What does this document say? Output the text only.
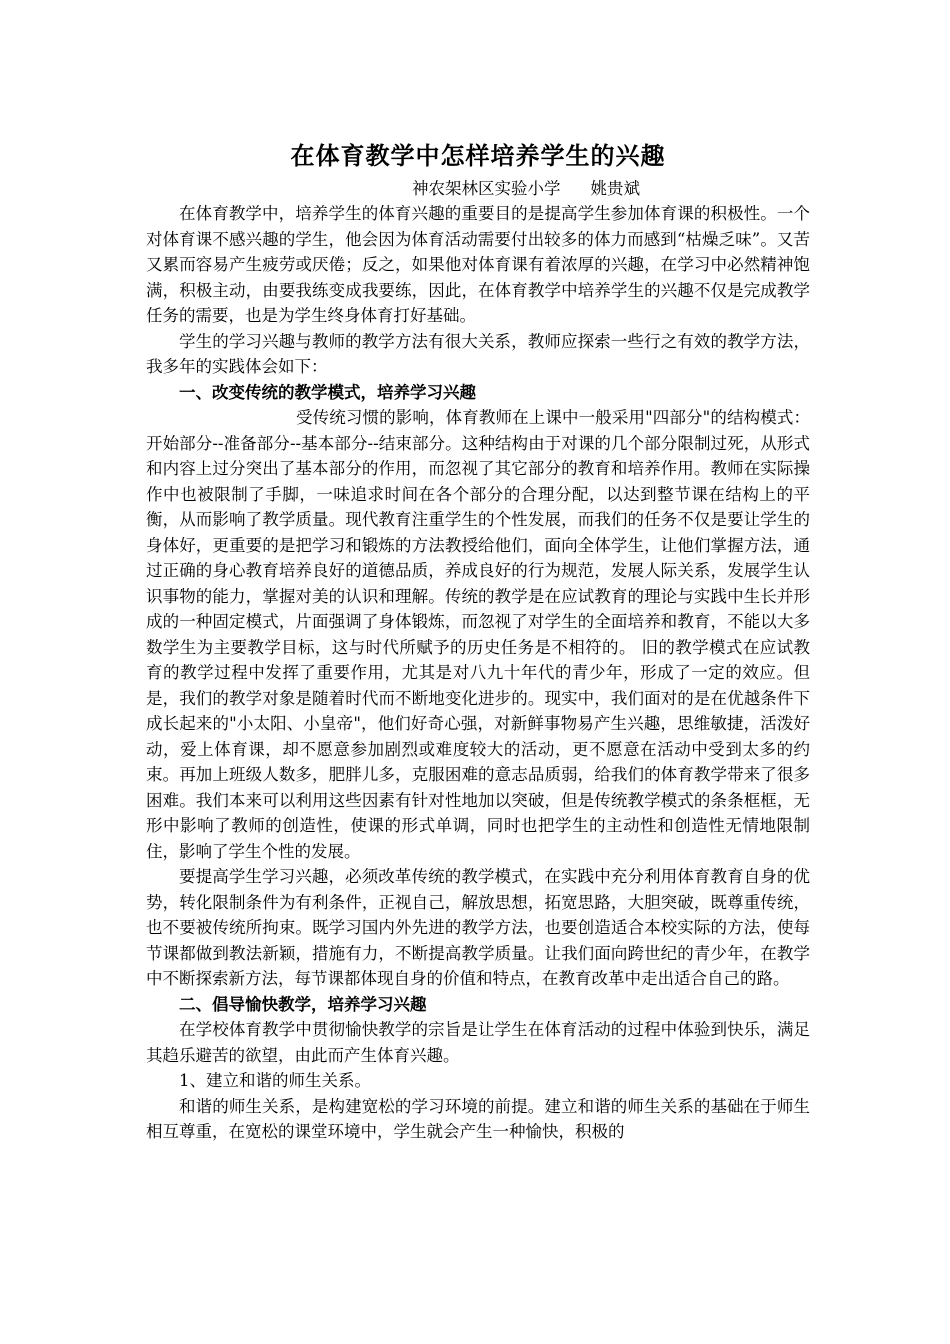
在体育教学中怎样培养学生的兴趣
神农架林区实验小学 姚贵斌

在体育教学中，培养学生的体育兴趣的重要目的是提高学生参加体育课的积极性。一个对体育课不感兴趣的学生，他会因为体育活动需要付出较多的体力而感到“枯燥乏味”。又苦又累而容易产生疲劳或厌倦；反之，如果他对体育课有着浓厚的兴趣，在学习中必然精神饱满，积极主动，由要我练变成我要练，因此，在体育教学中培养学生的兴趣不仅是完成教学任务的需要，也是为学生终身体育打好基础。

学生的学习兴趣与教师的教学方法有很大关系，教师应探索一些行之有效的教学方法，我多年的实践体会如下：

一、改变传统的教学模式，培养学习兴趣

受传统习惯的影响，体育教师在上课中一般采用"四部分"的结构模式：开始部分--准备部分--基本部分--结束部分。这种结构由于对课的几个部分限制过死，从形式和内容上过分突出了基本部分的作用，而忽视了其它部分的教育和培养作用。教师在实际操作中也被限制了手脚，一味追求时间在各个部分的合理分配，以达到整节课在结构上的平衡，从而影响了教学质量。现代教育注重学生的个性发展，而我们的任务不仅是要让学生的身体好，更重要的是把学习和锻炼的方法教授给他们，面向全体学生，让他们掌握方法，通过正确的身心教育培养良好的道德品质，养成良好的行为规范，发展人际关系，发展学生认识事物的能力，掌握对美的认识和理解。传统的教学是在应试教育的理论与实践中生长并形成的一种固定模式，片面强调了身体锻炼，而忽视了对学生的全面培养和教育，不能以大多数学生为主要教学目标，这与时代所赋予的历史任务是不相符的。 旧的教学模式在应试教育的教学过程中发挥了重要作用，尤其是对八九十年代的青少年，形成了一定的效应。但是，我们的教学对象是随着时代而不断地变化进步的。现实中，我们面对的是在优越条件下成长起来的"小太阳、小皇帝"，他们好奇心强，对新鲜事物易产生兴趣，思维敏捷，活泼好动，爱上体育课，却不愿意参加剧烈或难度较大的活动，更不愿意在活动中受到太多的约束。再加上班级人数多，肥胖儿多，克服困难的意志品质弱，给我们的体育教学带来了很多困难。我们本来可以利用这些因素有针对性地加以突破，但是传统教学模式的条条框框，无形中影响了教师的创造性，使课的形式单调，同时也把学生的主动性和创造性无情地限制住，影响了学生个性的发展。

要提高学生学习兴趣，必须改革传统的教学模式，在实践中充分利用体育教育自身的优势，转化限制条件为有利条件，正视自己，解放思想，拓宽思路，大胆突破，既尊重传统，也不要被传统所拘束。既学习国内外先进的教学方法，也要创造适合本校实际的方法，使每节课都做到教法新颖，措施有力，不断提高教学质量。让我们面向跨世纪的青少年，在教学中不断探索新方法，每节课都体现自身的价值和特点，在教育改革中走出适合自己的路。

二、倡导愉快教学，培养学习兴趣

在学校体育教学中贯彻愉快教学的宗旨是让学生在体育活动的过程中体验到快乐，满足其趋乐避苦的欲望，由此而产生体育兴趣。

1、建立和谐的师生关系。

和谐的师生关系，是构建宽松的学习环境的前提。建立和谐的师生关系的基础在于师生相互尊重，在宽松的课堂环境中，学生就会产生一种愉快，积极的
